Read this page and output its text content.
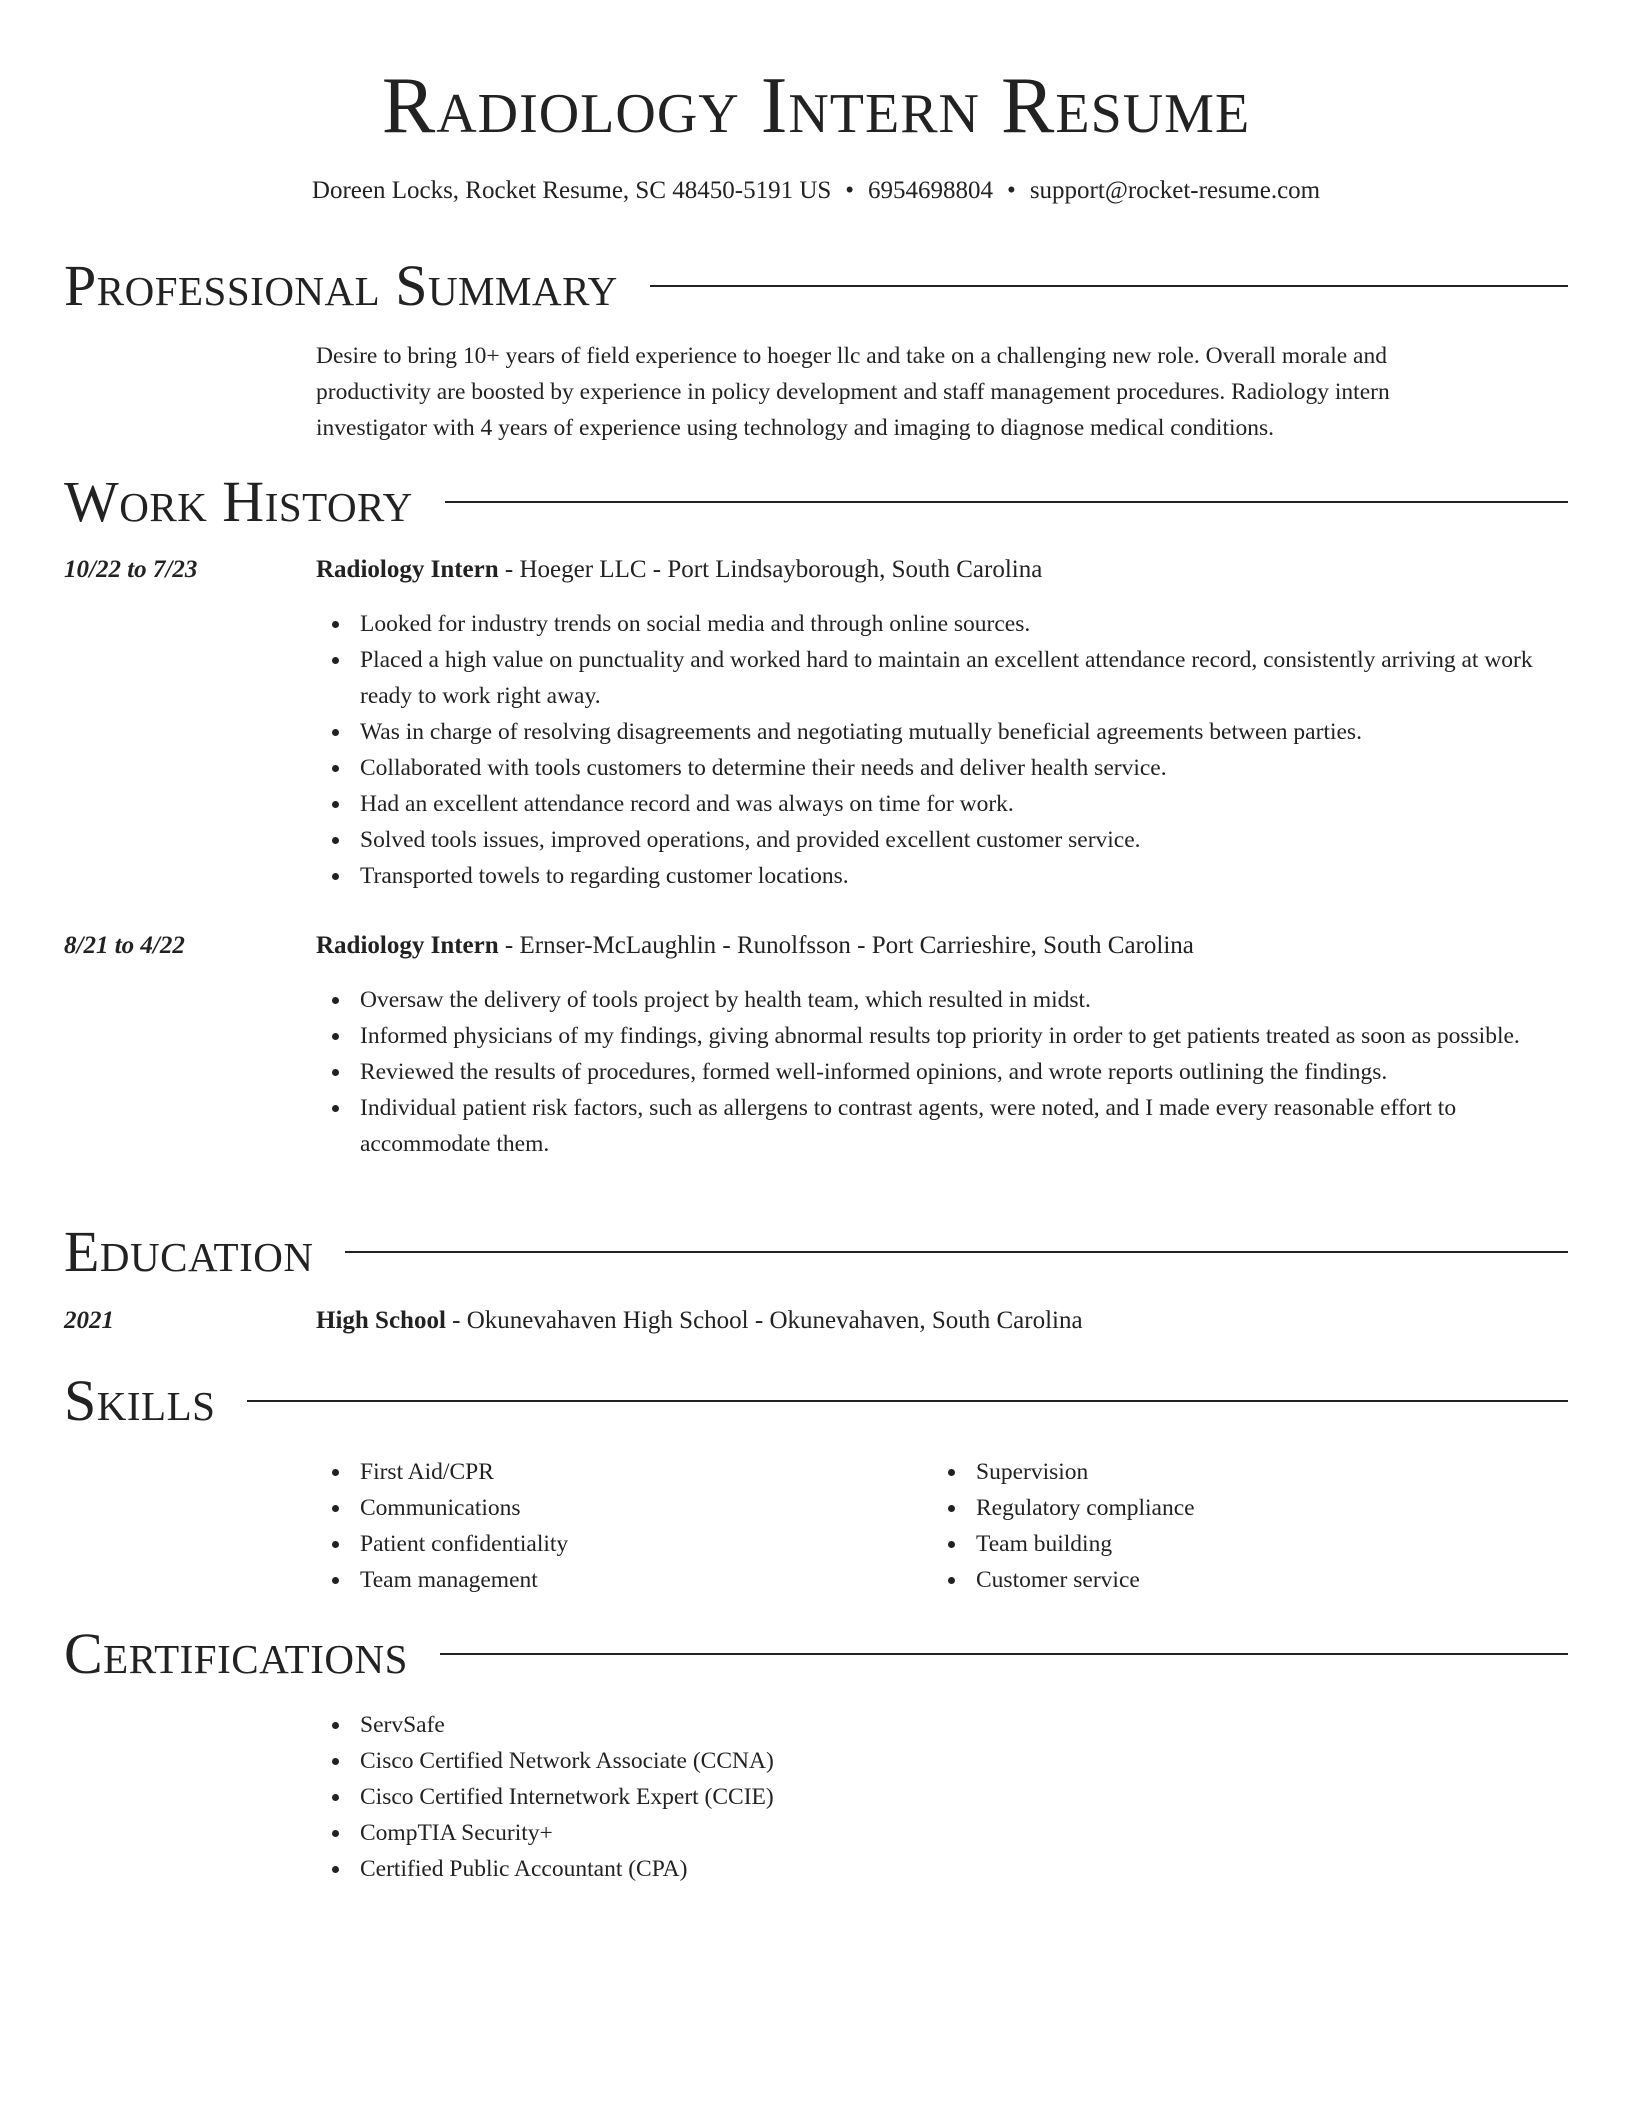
Radiology Intern Resume
Doreen Locks, Rocket Resume, SC 48450-5191 US • 6954698804 • support@rocket-resume.com
Professional Summary

Desire to bring 10+ years of field experience to hoeger llc and take on a challenging new role. Overall morale and productivity are boosted by experience in policy development and staff management procedures. Radiology intern investigator with 4 years of experience using technology and imaging to diagnose medical conditions.

Work History
10/22 to 7/23	Radiology Intern - Hoeger LLC - Port Lindsayborough, South Carolina
Looked for industry trends on social media and through online sources.
Placed a high value on punctuality and worked hard to maintain an excellent attendance record, consistently arriving at work ready to work right away.
Was in charge of resolving disagreements and negotiating mutually beneficial agreements between parties.
Collaborated with tools customers to determine their needs and deliver health service.
Had an excellent attendance record and was always on time for work.
Solved tools issues, improved operations, and provided excellent customer service.
Transported towels to regarding customer locations.
8/21 to 4/22	Radiology Intern - Ernser-McLaughlin - Runolfsson - Port Carrieshire, South Carolina
Oversaw the delivery of tools project by health team, which resulted in midst.
Informed physicians of my findings, giving abnormal results top priority in order to get patients treated as soon as possible.
Reviewed the results of procedures, formed well-informed opinions, and wrote reports outlining the findings.
Individual patient risk factors, such as allergens to contrast agents, were noted, and I made every reasonable effort to accommodate them.
Education
2021	High School - Okunevahaven High School - Okunevahaven, South Carolina
Skills
First Aid/CPR
Communications
Patient confidentiality
Team management
Supervision
Regulatory compliance
Team building
Customer service
Certifications
ServSafe
Cisco Certified Network Associate (CCNA)
Cisco Certified Internetwork Expert (CCIE)
CompTIA Security+
Certified Public Accountant (CPA)
